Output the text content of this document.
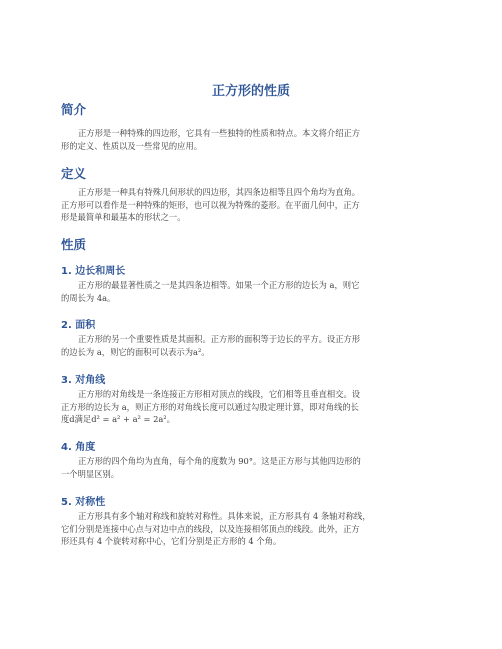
正方形的性质
简介
正方形是一种特殊的四边形，它具有一些独特的性质和特点。本文将介绍正方
形的定义、性质以及一些常见的应用。
定义
正方形是一种具有特殊几何形状的四边形，其四条边相等且四个角均为直角。
正方形可以看作是一种特殊的矩形，也可以视为特殊的菱形。在平面几何中，正方
形是最简单和最基本的形状之一。
性质
1. 边长和周长
正方形的最显著性质之一是其四条边相等。如果一个正方形的边长为 a，则它
的周长为 4a。
2. 面积
正方形的另一个重要性质是其面积。正方形的面积等于边长的平方。设正方形
的边长为 a，则它的面积可以表示为a²。
3. 对角线
正方形的对角线是一条连接正方形相对顶点的线段，它们相等且垂直相交。设
正方形的边长为 a，则正方形的对角线长度可以通过勾股定理计算，即对角线的长
度d满足d² = a² + a² = 2a²。
4. 角度
正方形的四个角均为直角，每个角的度数为 90°。这是正方形与其他四边形的
一个明显区别。
5. 对称性
正方形具有多个轴对称线和旋转对称性。具体来说，正方形具有 4 条轴对称线，
它们分别是连接中心点与对边中点的线段，以及连接相邻顶点的线段。此外，正方
形还具有 4 个旋转对称中心，它们分别是正方形的 4 个角。
